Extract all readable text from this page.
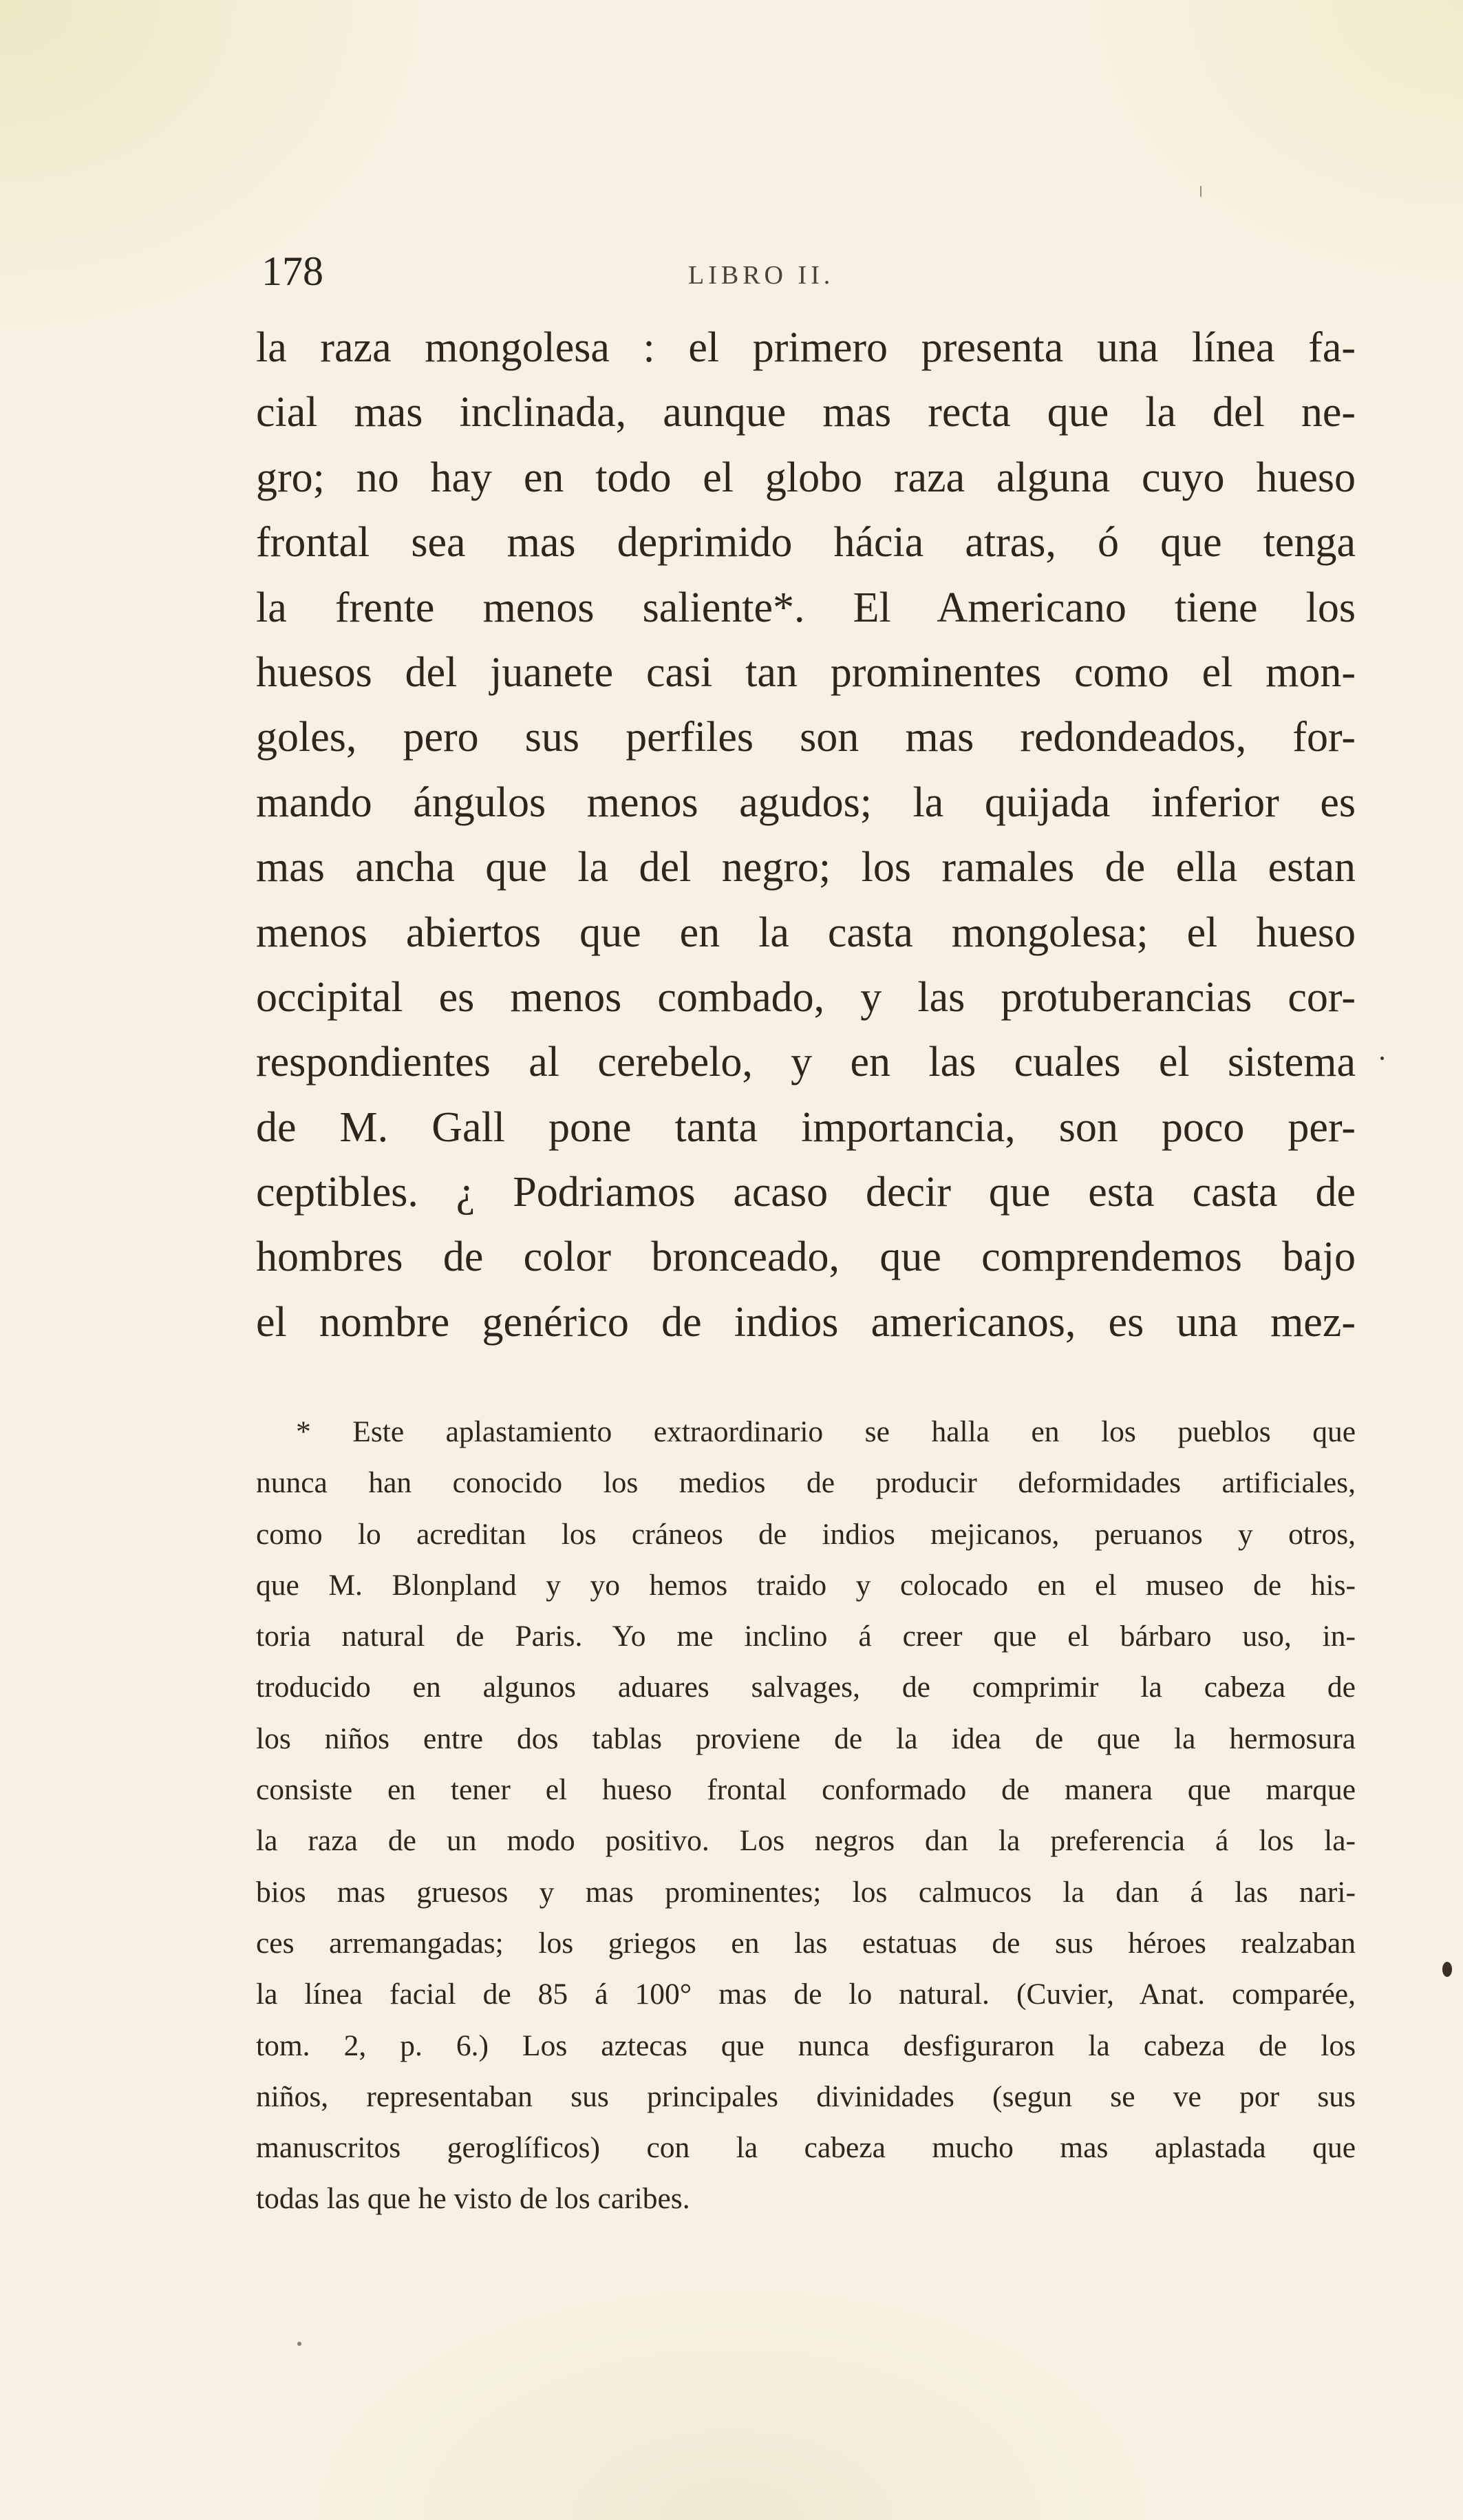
178	LIBRO II.
la raza mongolesa : el primero presenta una línea fa-
cial mas inclinada, aunque mas recta que la del ne-
gro; no hay en todo el globo raza alguna cuyo hueso
frontal sea mas deprimido hácia atras, ó que tenga
la frente menos saliente*. El Americano tiene los
huesos del juanete casi tan prominentes como el mon-
goles, pero sus perfiles son mas redondeados, for-
mando ángulos menos agudos; la quijada inferior es
mas ancha que la del negro; los ramales de ella estan
menos abiertos que en la casta mongolesa; el hueso
occipital es menos combado, y las protuberancias cor-
respondientes al cerebelo, y en las cuales el sistema
de M. Gall pone tanta importancia, son poco per-
ceptibles. ¿ Podriamos acaso decir que esta casta de
hombres de color bronceado, que comprendemos bajo
el nombre genérico de indios americanos, es una mez-
* Este aplastamiento extraordinario se halla en los pueblos que
nunca han conocido los medios de producir deformidades artificiales,
como lo acreditan los cráneos de indios mejicanos, peruanos y otros,
que M. Blonpland y yo hemos traido y colocado en el museo de his-
toria natural de Paris. Yo me inclino á creer que el bárbaro uso, in-
troducido en algunos aduares salvages, de comprimir la cabeza de
los niños entre dos tablas proviene de la idea de que la hermosura
consiste en tener el hueso frontal conformado de manera que marque
la raza de un modo positivo. Los negros dan la preferencia á los la-
bios mas gruesos y mas prominentes; los calmucos la dan á las nari-
ces arremangadas; los griegos en las estatuas de sus héroes realzaban
la línea facial de 85 á 100° mas de lo natural. (Cuvier, Anat. comparée,
tom. 2, p. 6.) Los aztecas que nunca desfiguraron la cabeza de los
niños, representaban sus principales divinidades (segun se ve por sus
manuscritos geroglíficos) con la cabeza mucho mas aplastada que
todas las que he visto de los caribes.
